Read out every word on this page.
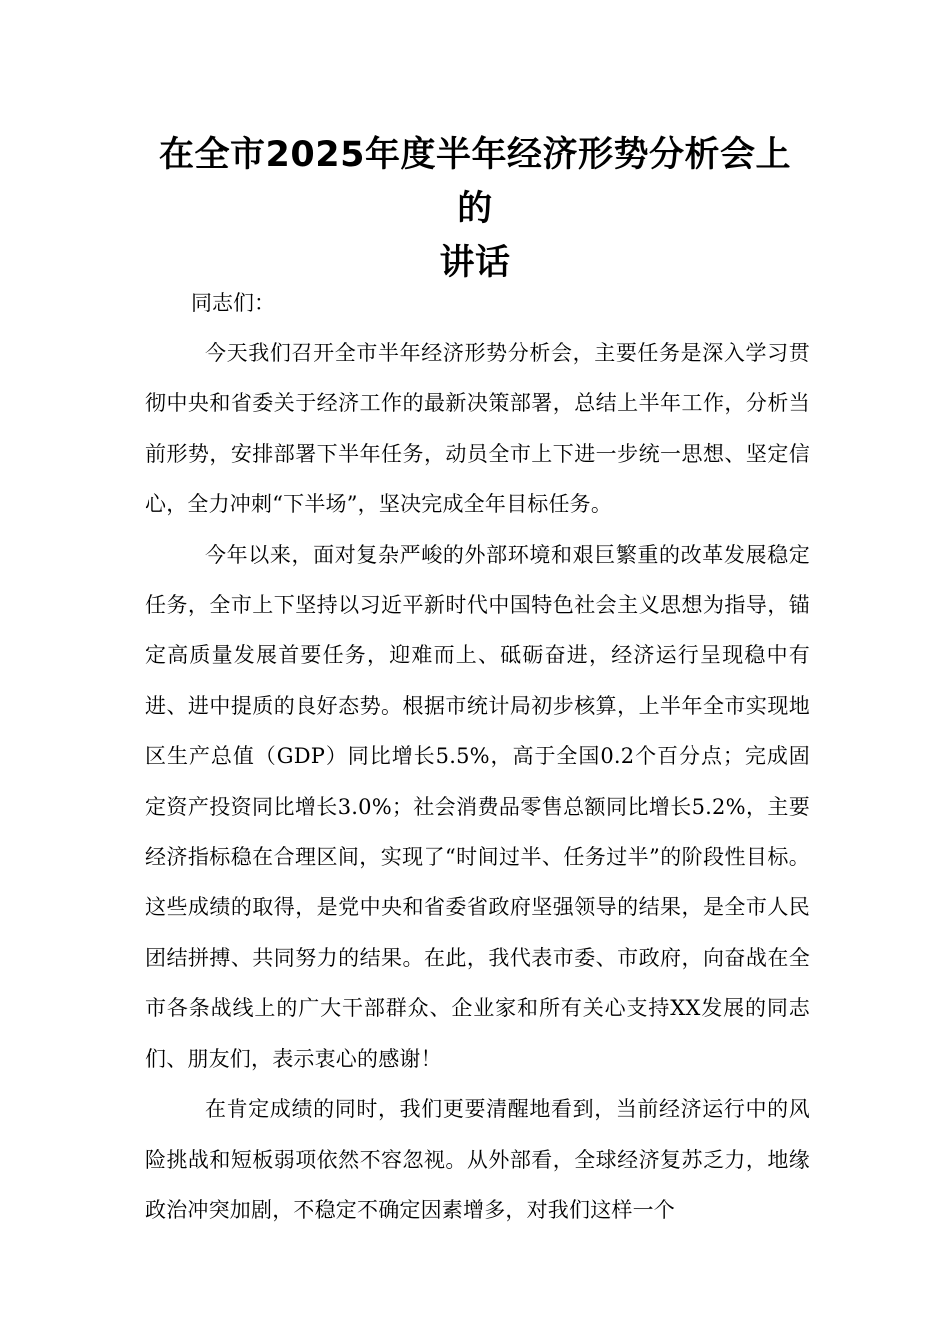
在全市2025年度半年经济形势分析会上的
讲话

同志们：

今天我们召开全市半年经济形势分析会，主要任务是深入学习贯彻中央和省委关于经济工作的最新决策部署，总结上半年工作，分析当前形势，安排部署下半年任务，动员全市上下进一步统一思想、坚定信心，全力冲刺“下半场”，坚决完成全年目标任务。

今年以来，面对复杂严峻的外部环境和艰巨繁重的改革发展稳定任务，全市上下坚持以习近平新时代中国特色社会主义思想为指导，锚定高质量发展首要任务，迎难而上、砥砺奋进，经济运行呈现稳中有进、进中提质的良好态势。根据市统计局初步核算，上半年全市实现地区生产总值（GDP）同比增长5.5%，高于全国0.2个百分点；完成固定资产投资同比增长3.0%；社会消费品零售总额同比增长5.2%，主要经济指标稳在合理区间，实现了“时间过半、任务过半”的阶段性目标。这些成绩的取得，是党中央和省委省政府坚强领导的结果，是全市人民团结拼搏、共同努力的结果。在此，我代表市委、市政府，向奋战在全市各条战线上的广大干部群众、企业家和所有关心支持XX发展的同志们、朋友们，表示衷心的感谢！

在肯定成绩的同时，我们更要清醒地看到，当前经济运行中的风险挑战和短板弱项依然不容忽视。从外部看，全球经济复苏乏力，地缘政治冲突加剧，不稳定不确定因素增多，对我们这样一个
